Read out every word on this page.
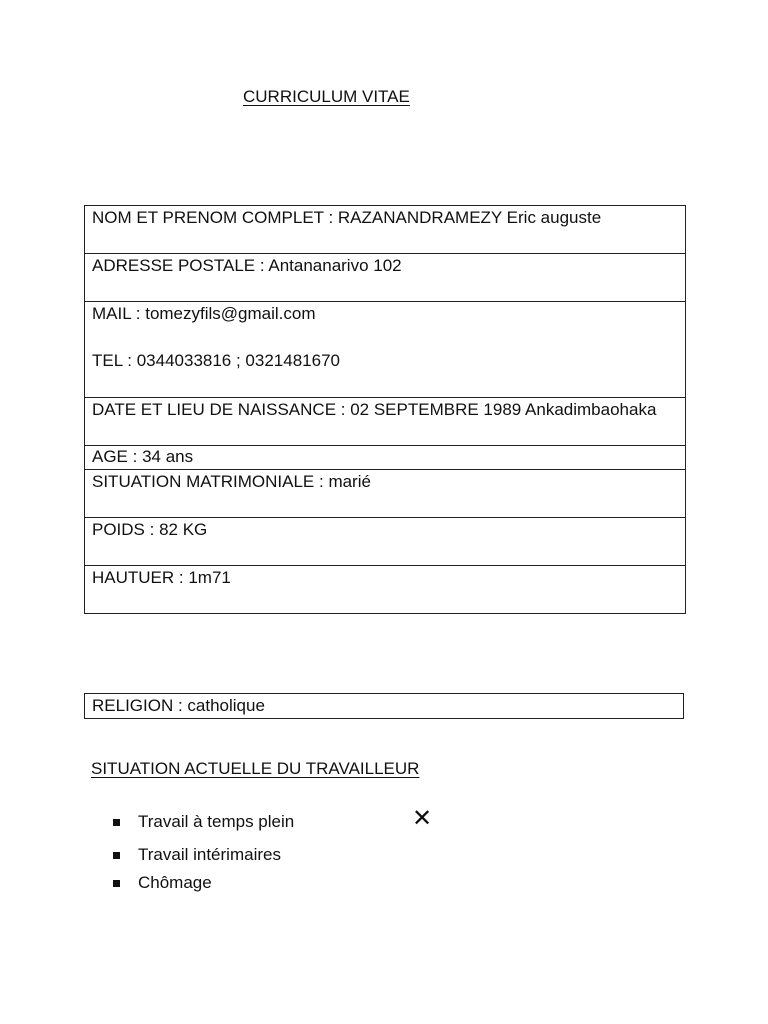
CURRICULUM VITAE
NOM ET PRENOM COMPLET : RAZANANDRAMEZY Eric auguste

ADRESSE POSTALE : Antananarivo 102

MAIL : tomezyfils@gmail.com
TEL : 0344033816 ; 0321481670

DATE ET LIEU DE NAISSANCE : 02 SEPTEMBRE 1989 Ankadimbaohaka

AGE : 34 ans

SITUATION MATRIMONIALE : marié

POIDS : 82 KG

HAUTUER : 1m71
RELIGION : catholique
SITUATION ACTUELLE DU TRAVAILLEUR
Travail à temps plein
Travail intérimaires
Chômage
✕
